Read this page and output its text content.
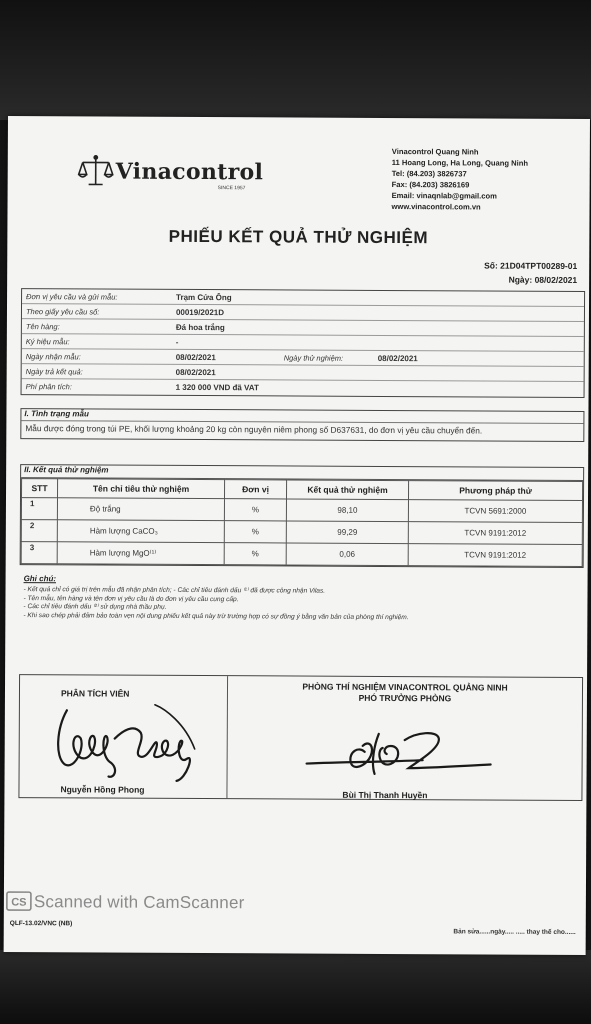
Vinacontrol
SINCE 1957
Vinacontrol Quang Ninh
11 Hoang Long, Ha Long, Quang Ninh
Tel: (84.203) 3826737
Fax: (84.203) 3826169
Email: vinaqnlab@gmail.com
www.vinacontrol.com.vn
PHIẾU KẾT QUẢ THỬ NGHIỆM
Số: 21D04TPT00289-01
Ngày: 08/02/2021
Đơn vị yêu cầu và gửi mẫu:	Trạm Cửa Ông
Theo giấy yêu cầu số:	00019/2021D
Tên hàng:	Đá hoa trắng
Ký hiệu mẫu:	-
Ngày nhận mẫu:	08/02/2021	Ngày thử nghiệm:	08/02/2021
Ngày trả kết quả:	08/02/2021
Phí phân tích:	1 320 000 VND đã VAT
I. Tình trạng mẫu
Mẫu được đóng trong túi PE, khối lượng khoảng 20 kg còn nguyên niêm phong số D637631, do đơn vị yêu cầu chuyển đến.
II. Kết quả thử nghiệm
STT	Tên chỉ tiêu thử nghiệm	Đơn vị	Kết quả thử nghiệm	Phương pháp thử
1	Độ trắng	%	98,10	TCVN 5691:2000
2	Hàm lượng CaCO₃	%	99,29	TCVN 9191:2012
3	Hàm lượng MgO⁽¹⁾	%	0,06	TCVN 9191:2012
Ghi chú:
- Kết quả chỉ có giá trị trên mẫu đã nhận phân tích; - Các chỉ tiêu đánh dấu ⁽¹⁾ đã được công nhận Vilas.
- Tên mẫu, tên hàng và tên đơn vị yêu cầu là do đơn vị yêu cầu cung cấp.
- Các chỉ tiêu đánh dấu ⁽²⁾ sử dụng nhà thầu phụ.
- Khi sao chép phải đảm bảo toàn vẹn nội dung phiếu kết quả này trừ trường hợp có sự đồng ý bằng văn bản của phòng thí nghiệm.
PHÂN TÍCH VIÊN
PHÒNG THÍ NGHIỆM VINACONTROL QUẢNG NINH
PHÓ TRƯỞNG PHÒNG
Nguyễn Hồng Phong
Bùi Thị Thanh Huyền
CS Scanned with CamScanner
QLF-13.02/VNC (NB)
Bản sửa......ngày..... ..... thay thế cho......
